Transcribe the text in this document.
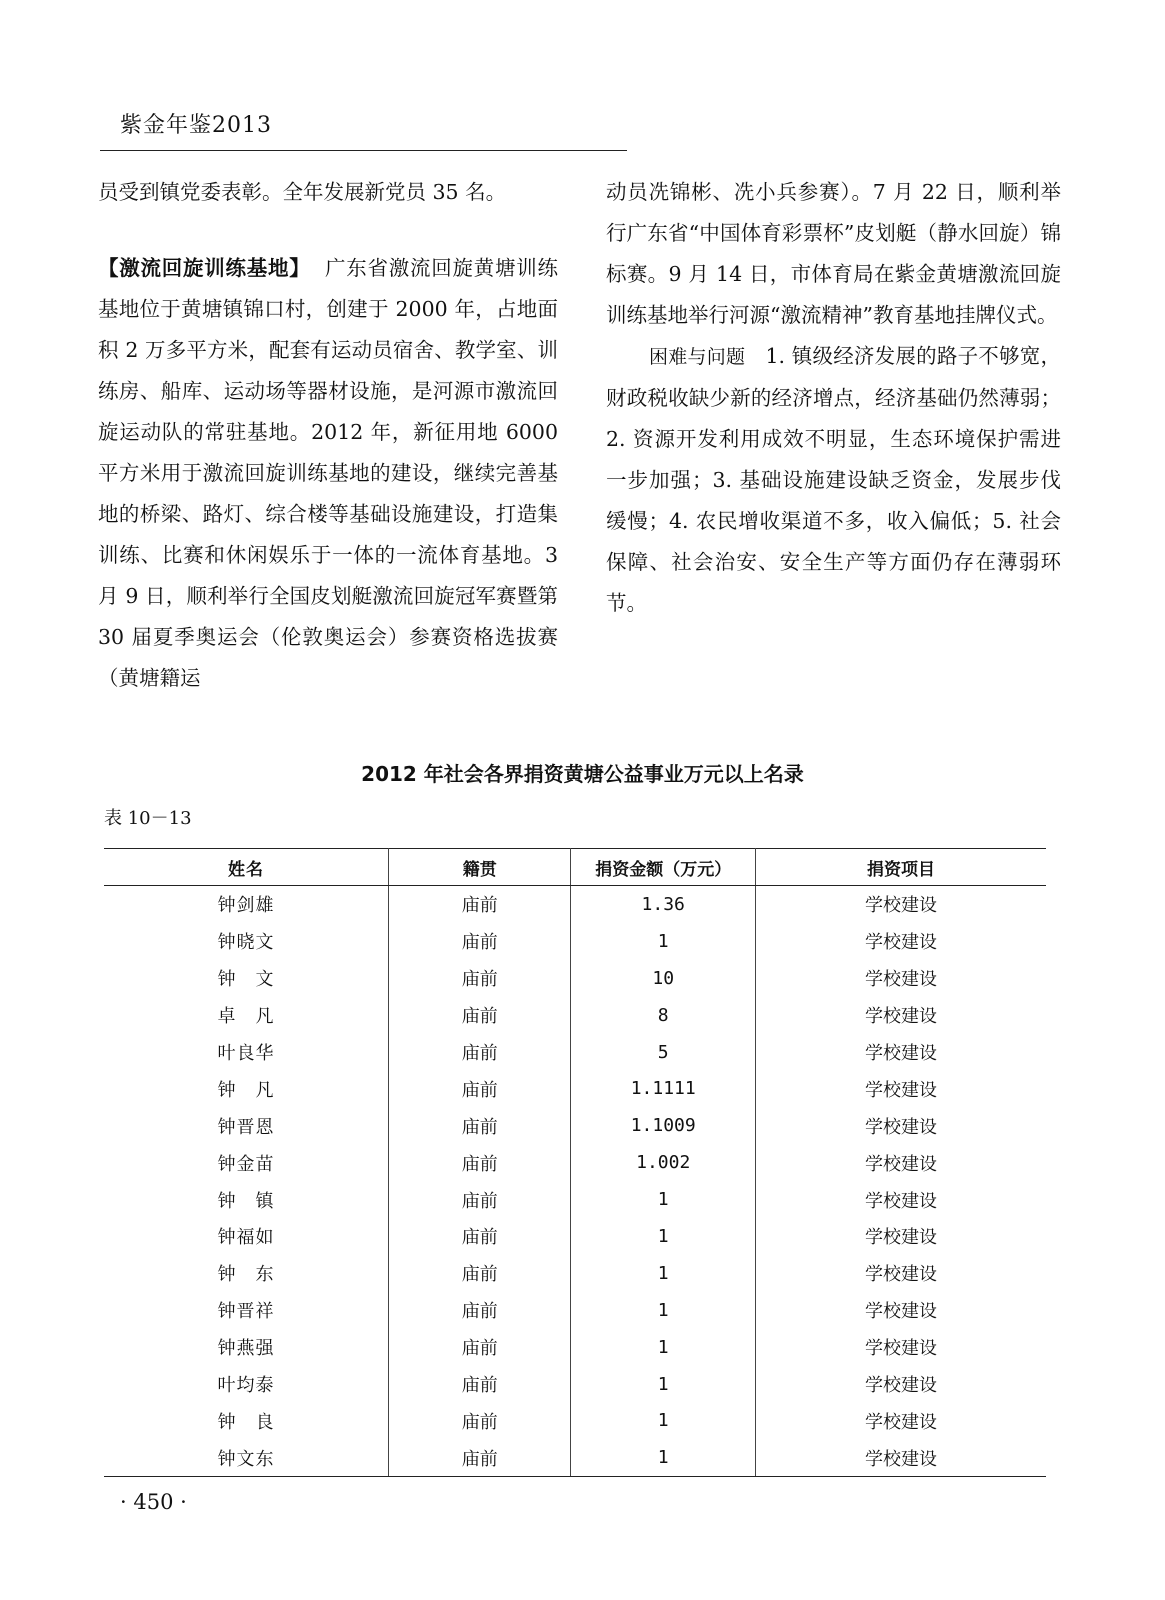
紫金年鉴2013

员受到镇党委表彰。全年发展新党员 35 名。

【激流回旋训练基地】 广东省激流回旋黄塘训练基地位于黄塘镇锦口村，创建于 2000 年，占地面积 2 万多平方米，配套有运动员宿舍、教学室、训练房、船库、运动场等器材设施，是河源市激流回旋运动队的常驻基地。2012 年，新征用地 6000 平方米用于激流回旋训练基地的建设，继续完善基地的桥梁、路灯、综合楼等基础设施建设，打造集训练、比赛和休闲娱乐于一体的一流体育基地。3 月 9 日，顺利举行全国皮划艇激流回旋冠军赛暨第 30 届夏季奥运会（伦敦奥运会）参赛资格选拔赛（黄塘籍运

动员冼锦彬、冼小兵参赛）。7 月 22 日，顺利举行广东省“中国体育彩票杯”皮划艇（静水回旋）锦标赛。9 月 14 日，市体育局在紫金黄塘激流回旋训练基地举行河源“激流精神”教育基地挂牌仪式。

困难与问题 1. 镇级经济发展的路子不够宽，财政税收缺少新的经济增点，经济基础仍然薄弱；2. 资源开发利用成效不明显，生态环境保护需进一步加强；3. 基础设施建设缺乏资金，发展步伐缓慢；4. 农民增收渠道不多，收入偏低；5. 社会保障、社会治安、安全生产等方面仍存在薄弱环节。

2012 年社会各界捐资黄塘公益事业万元以上名录
表 10－13
姓名	籍贯	捐资金额（万元）	捐资项目
钟剑雄	庙前	1.36	学校建设
钟晓文	庙前	1	学校建设
钟　文	庙前	10	学校建设
卓　凡	庙前	8	学校建设
叶良华	庙前	5	学校建设
钟　凡	庙前	1.1111	学校建设
钟晋恩	庙前	1.1009	学校建设
钟金苗	庙前	1.002	学校建设
钟　镇	庙前	1	学校建设
钟福如	庙前	1	学校建设
钟　东	庙前	1	学校建设
钟晋祥	庙前	1	学校建设
钟燕强	庙前	1	学校建设
叶均泰	庙前	1	学校建设
钟　良	庙前	1	学校建设
钟文东	庙前	1	学校建设
· 450 ·
